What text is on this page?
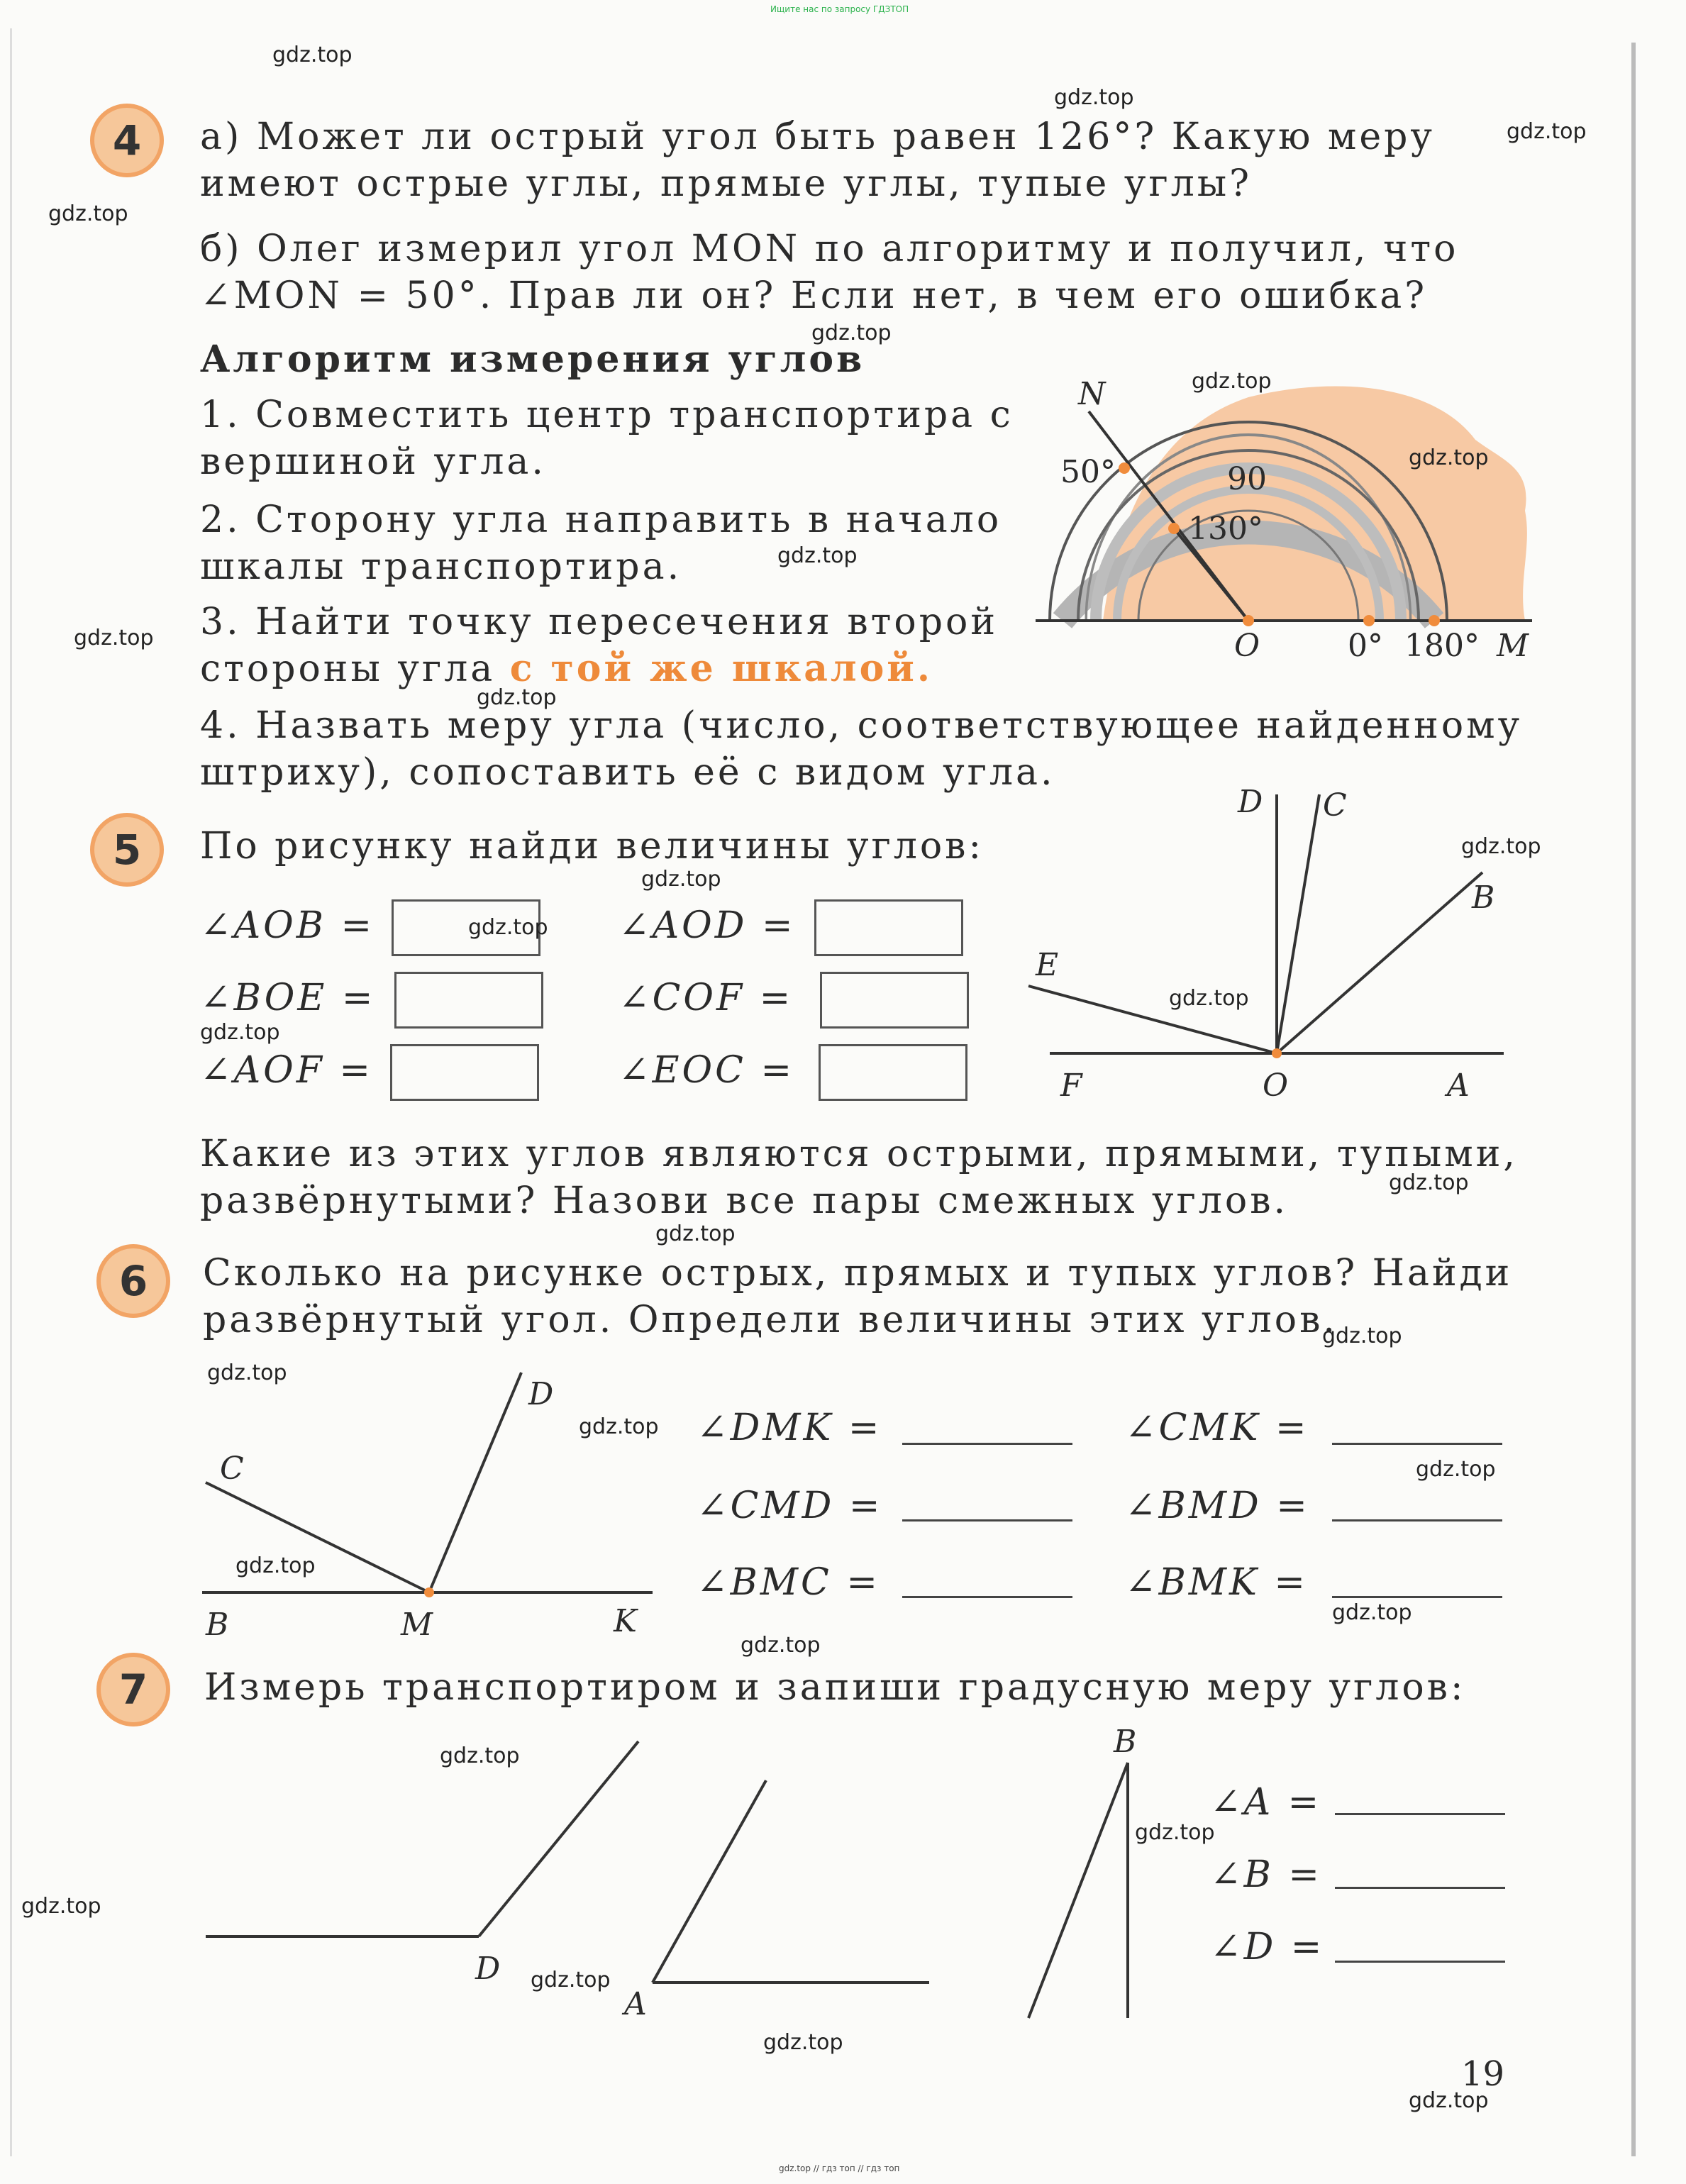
Ищите нас по запросу ГДЗТОП
gdz.top // гдз топ // гдз топ
4	а) Может ли острый угол быть равен 126°? Какую меру
имеют острые углы, прямые углы, тупые углы?
б) Олег измерил угол MON по алгоритму и получил, что
∠MON = 50°. Прав ли он? Если нет, в чем его ошибка?
Алгоритм измерения углов
1. Совместить центр транспортира с
вершиной угла.
2. Сторону угла направить в начало
шкалы транспортира.
3. Найти точку пересечения второй
стороны угла с той же шкалой.
4. Назвать меру угла (число, соответствующее найденному
штриху), сопоставить её с видом угла.
N
50°	90
130°
O	0° 180° M
5	По рисунку найди величины углов:
∠AOB =	∠AOD =
∠BOE =	∠COF =
∠AOF =	∠EOC =
D C
B
E
F	O	A
Какие из этих углов являются острыми, прямыми, тупыми,
развёрнутыми? Назови все пары смежных углов.
6	Сколько на рисунке острых, прямых и тупых углов? Найди
развёрнутый угол. Определи величины этих углов.
D
C
B	M	K
∠DMK =	∠CMK =
∠CMD =	∠BMD =
∠BMC =	∠BMK =
7	Измерь транспортиром и запиши градусную меру углов:
D
A
B
∠A =
∠B =
∠D =
19
gdz.top
gdz.top
gdz.top
gdz.top
gdz.top
gdz.top
gdz.top
gdz.top
gdz.top
gdz.top
gdz.top
gdz.top
gdz.top
gdz.top
gdz.top
gdz.top
gdz.top
gdz.top
gdz.top
gdz.top
gdz.top
gdz.top
gdz.top
gdz.top
gdz.top
gdz.top
gdz.top
gdz.top
gdz.top
gdz.top
